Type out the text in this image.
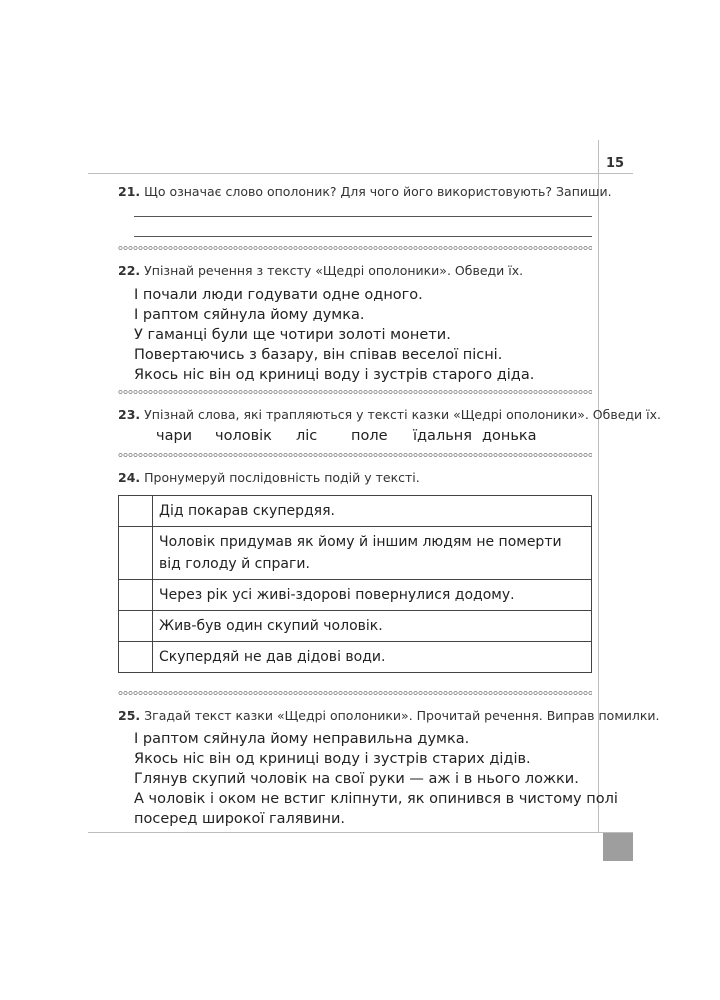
15
21. Що означає слово ополоник? Для чого його використовують? Запиши.
22. Упізнай речення з тексту «Щедрі ополоники». Обведи їх.
І почали люди годувати одне одного.
І раптом сяйнула йому думка.
У гаманці були ще чотири золоті монети.
Повертаючись з базару, він співав веселої пісні.
Якось ніс він од криниці воду і зустрів старого діда.
23. Упізнай слова, які трапляються у тексті казки «Щедрі ополоники». Обведи їх.
чари чоловік ліс поле їдальня донька
24. Пронумеруй послідовність подій у тексті.
	Дід покарав скупердяя.
	Чоловік придумав як йому й іншим людям не померти від голоду й спраги.
	Через рік усі живі-здорові повернулися додому.
	Жив-був один скупий чоловік.
	Скупердяй не дав дідові води.
25. Згадай текст казки «Щедрі ополоники». Прочитай речення. Виправ помилки.
І раптом сяйнула йому неправильна думка.
Якось ніс він од криниці воду і зустрів старих дідів.
Глянув скупий чоловік на свої руки — аж і в нього ложки.
А чоловік і оком не встиг кліпнути, як опинився в чистому полі
посеред широкої галявини.
